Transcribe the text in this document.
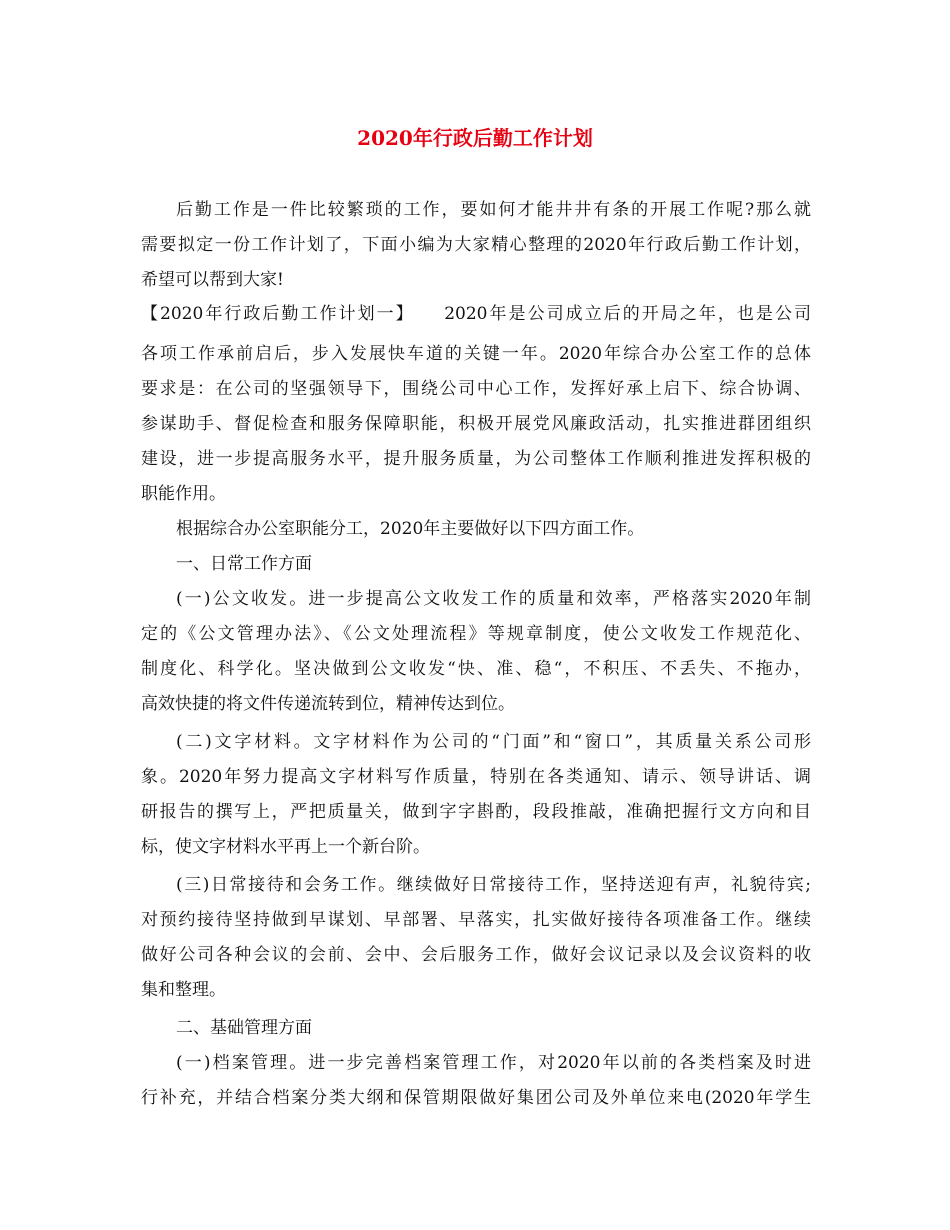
2020年行政后勤工作计划
后勤工作是一件比较繁琐的工作，要如何才能井井有条的开展工作呢?那么就
需要拟定一份工作计划了，下面小编为大家精心整理的2020年行政后勤工作计划，
希望可以帮到大家!
【2020年行政后勤工作计划一】　　2020年是公司成立后的开局之年，也是公司
各项工作承前启后，步入发展快车道的关键一年。2020年综合办公室工作的总体
要求是：在公司的坚强领导下，围绕公司中心工作，发挥好承上启下、综合协调、
参谋助手、督促检查和服务保障职能，积极开展党风廉政活动，扎实推进群团组织
建设，进一步提高服务水平，提升服务质量，为公司整体工作顺利推进发挥积极的
职能作用。
根据综合办公室职能分工，2020年主要做好以下四方面工作。
一、日常工作方面
(一)公文收发。进一步提高公文收发工作的质量和效率，严格落实2020年制
定的《公文管理办法》、《公文处理流程》等规章制度，使公文收发工作规范化、
制度化、科学化。坚决做到公文收发“快、准、稳“，不积压、不丢失、不拖办，
高效快捷的将文件传递流转到位，精神传达到位。
(二)文字材料。文字材料作为公司的“门面”和“窗口”，其质量关系公司形
象。2020年努力提高文字材料写作质量，特别在各类通知、请示、领导讲话、调
研报告的撰写上，严把质量关，做到字字斟酌，段段推敲，准确把握行文方向和目
标，使文字材料水平再上一个新台阶。
(三)日常接待和会务工作。继续做好日常接待工作，坚持送迎有声，礼貌待宾;
对预约接待坚持做到早谋划、早部署、早落实，扎实做好接待各项准备工作。继续
做好公司各种会议的会前、会中、会后服务工作，做好会议记录以及会议资料的收
集和整理。
二、基础管理方面
(一)档案管理。进一步完善档案管理工作，对2020年以前的各类档案及时进
行补充，并结合档案分类大纲和保管期限做好集团公司及外单位来电(2020年学生
